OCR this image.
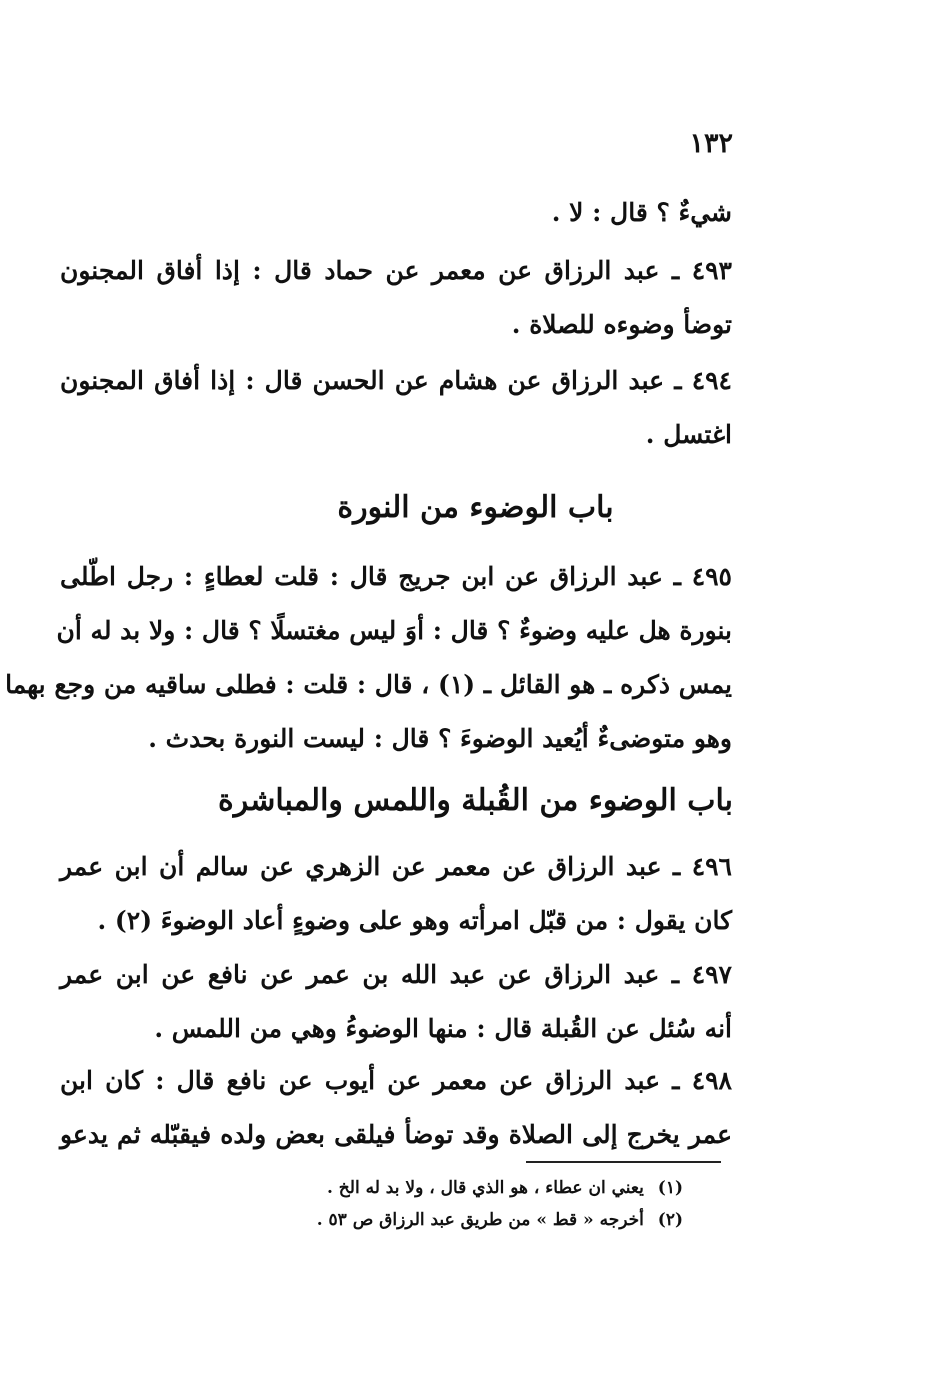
١٣٢
شيءٌ ؟ قال : لا .
٤٩٣ ـ عبد الرزاق عن معمر عن حماد قال : إذا أفاق المجنون
توضأ وضوءه للصلاة .
٤٩٤ ـ عبد الرزاق عن هشام عن الحسن قال : إذا أفاق المجنون
اغتسل .
باب الوضوء من النورة
٤٩٥ ـ عبد الرزاق عن ابن جريج قال : قلت لعطاءٍ : رجل اطّلى
بنورة هل عليه وضوءٌ ؟ قال : أوَ ليس مغتسلًا ؟ قال : ولا بد له أن
يمس ذكره ـ هو القائل ـ (١) ، قال : قلت : فطلى ساقيه من وجع بهما
وهو متوضىءٌ أيُعيد الوضوءَ ؟ قال : ليست النورة بحدث .
باب الوضوء من القُبلة واللمس والمباشرة
٤٩٦ ـ عبد الرزاق عن معمر عن الزهري عن سالم أن ابن عمر
كان يقول : من قبّل امرأته وهو على وضوءٍ أعاد الوضوءَ (٢) .
٤٩٧ ـ عبد الرزاق عن عبد الله بن عمر عن نافع عن ابن عمر
أنه سُئل عن القُبلة قال : منها الوضوءُ وهي من اللمس .
٤٩٨ ـ عبد الرزاق عن معمر عن أيوب عن نافع قال : كان ابن
عمر يخرج إلى الصلاة وقد توضأ فيلقى بعض ولده فيقبّله ثم يدعو
(١) يعني ان عطاء ، هو الذي قال ، ولا بد له الخ .
(٢) أخرجه « قط » من طريق عبد الرزاق ص ٥٣ .
